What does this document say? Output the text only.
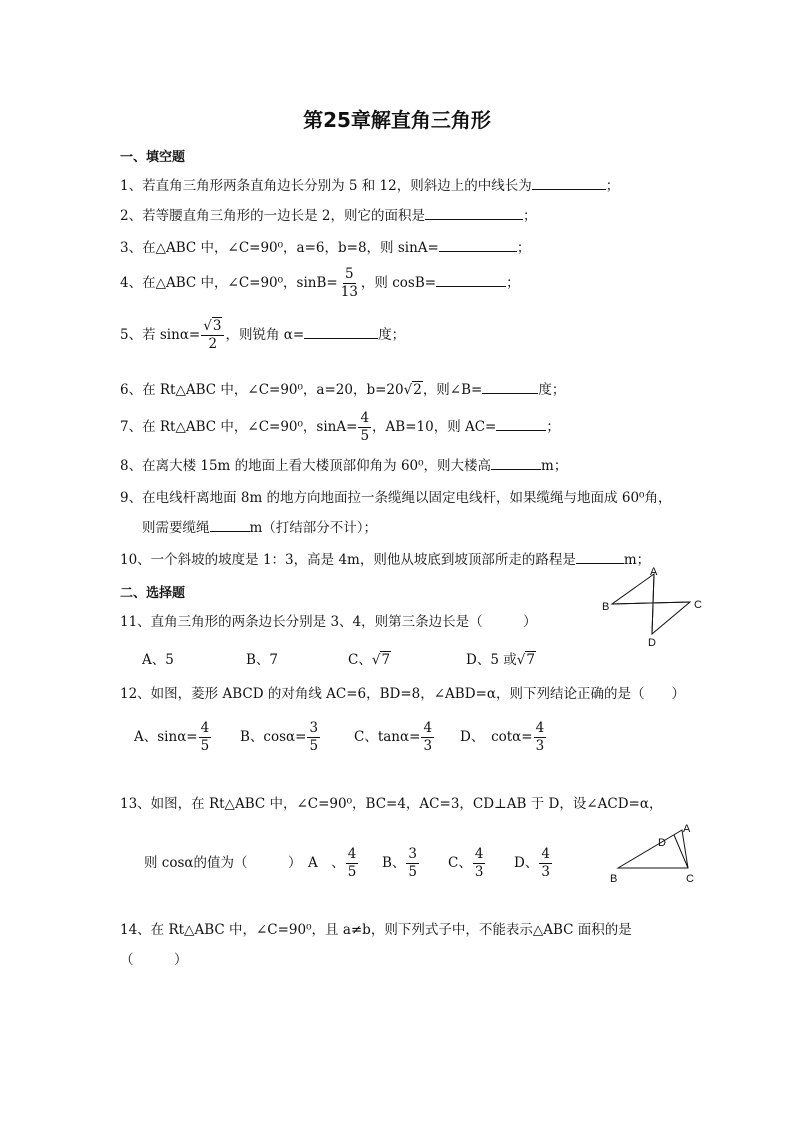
第25章解直角三角形
一、填空题
1、若直角三角形两条直角边长分别为 5 和 12，则斜边上的中线长为	；
2、若等腰直角三角形的一边长是 2，则它的面积是	；
3、在△ABC 中，∠C=90⁰，a=6，b=8，则 sinA=	；
4、在△ABC 中，∠C=90⁰，$\sin B= \frac{5}{13}$ ，则 cosB=	；
5、若 $\sin\alpha= \frac{√3}{2}$ ，则锐角 α=	度；
6、在 Rt△ABC 中，∠C=90⁰，a=20，b=20√2，则∠B=	度；
7、在 Rt△ABC 中，∠C=90⁰，$\sin A= \frac{4}{5}$ ，AB=10，则 AC=	；
8、在离大楼 15m 的地面上看大楼顶部仰角为 60⁰，则大楼高	m；
9、在电线杆离地面 8m 的地方向地面拉一条缆绳以固定电线杆，如果缆绳与地面成 60⁰角，
则需要缆绳	m（打结部分不计）；
10、一个斜坡的坡度是 1：3，高是 4m，则他从坡底到坡顶部所走的路程是	m；
二、选择题
A
B	C
D
11、直角三角形的两条边长分别是 3、4，则第三条边长是（　　　）
A、5	B、7	C、√7	D、5 或√7
12、如图，菱形 ABCD 的对角线 AC=6，BD=8，∠ABD=α，则下列结论正确的是（　　）
A、$\sin\alpha= \frac{4}{5}$ B、$\cos\alpha= \frac{3}{5}$	C、$\tan\alpha= \frac{4}{3}$ D、　$\cot\alpha= \frac{4}{3}$
13、如图，在 Rt△ABC 中，∠C=90⁰，BC=4，AC=3，CD⊥AB 于 D，设∠ACD=α，
则 cosα的值为（　　　） A　、 $\frac{4}{5}$ B、 $\frac{3}{5}$ C、 $\frac{4}{3}$ D、 $\frac{4}{3}$
A
D
B	C
14、在 Rt△ABC 中，∠C=90⁰，且 a≠b，则下列式子中，不能表示△ABC 面积的是
（　　　）
